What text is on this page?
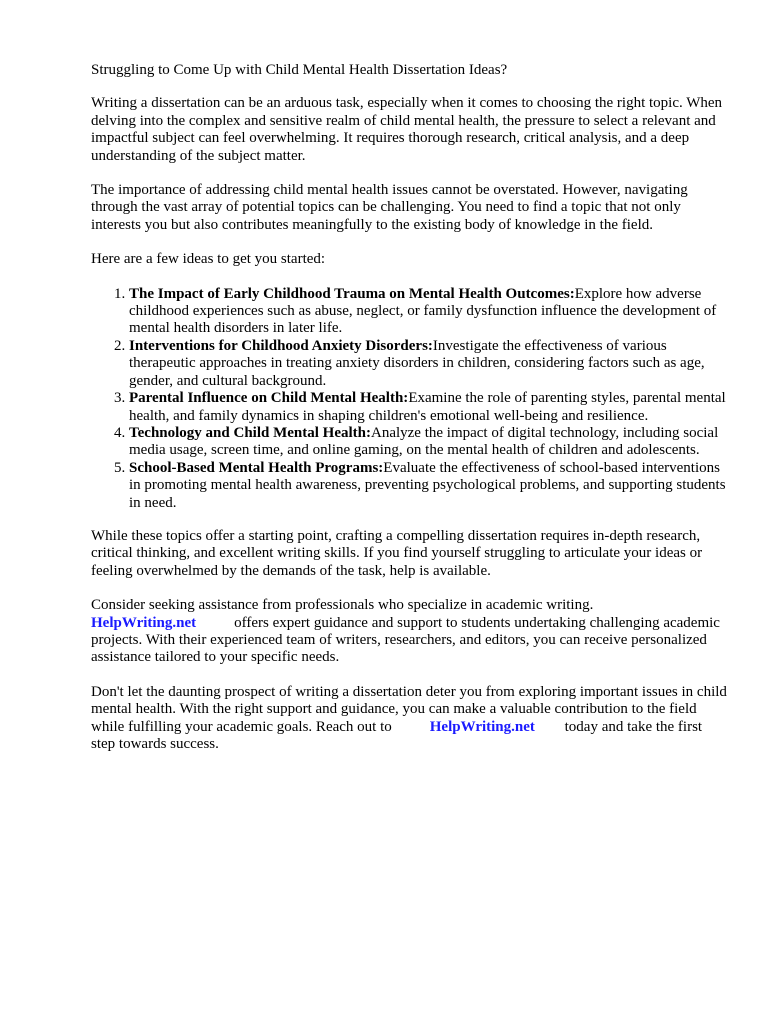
Struggling to Come Up with Child Mental Health Dissertation Ideas?

Writing a dissertation can be an arduous task, especially when it comes to choosing the right topic. When delving into the complex and sensitive realm of child mental health, the pressure to select a relevant and impactful subject can feel overwhelming. It requires thorough research, critical analysis, and a deep understanding of the subject matter.

The importance of addressing child mental health issues cannot be overstated. However, navigating through the vast array of potential topics can be challenging. You need to find a topic that not only interests you but also contributes meaningfully to the existing body of knowledge in the field.

Here are a few ideas to get you started:

1. The Impact of Early Childhood Trauma on Mental Health Outcomes:Explore how adverse childhood experiences such as abuse, neglect, or family dysfunction influence the development of mental health disorders in later life.
2. Interventions for Childhood Anxiety Disorders:Investigate the effectiveness of various therapeutic approaches in treating anxiety disorders in children, considering factors such as age, gender, and cultural background.
3. Parental Influence on Child Mental Health:Examine the role of parenting styles, parental mental health, and family dynamics in shaping children's emotional well-being and resilience.
4. Technology and Child Mental Health:Analyze the impact of digital technology, including social media usage, screen time, and online gaming, on the mental health of children and adolescents.
5. School-Based Mental Health Programs:Evaluate the effectiveness of school-based interventions in promoting mental health awareness, preventing psychological problems, and supporting students in need.

While these topics offer a starting point, crafting a compelling dissertation requires in-depth research, critical thinking, and excellent writing skills. If you find yourself struggling to articulate your ideas or feeling overwhelmed by the demands of the task, help is available.

Consider seeking assistance from professionals who specialize in academic writing.
HelpWriting.net	offers expert guidance and support to students undertaking challenging academic projects. With their experienced team of writers, researchers, and editors, you can receive personalized assistance tailored to your specific needs.

Don't let the daunting prospect of writing a dissertation deter you from exploring important issues in child mental health. With the right support and guidance, you can make a valuable contribution to the field while fulfilling your academic goals. Reach out to	HelpWriting.net today and take the first step towards success.
